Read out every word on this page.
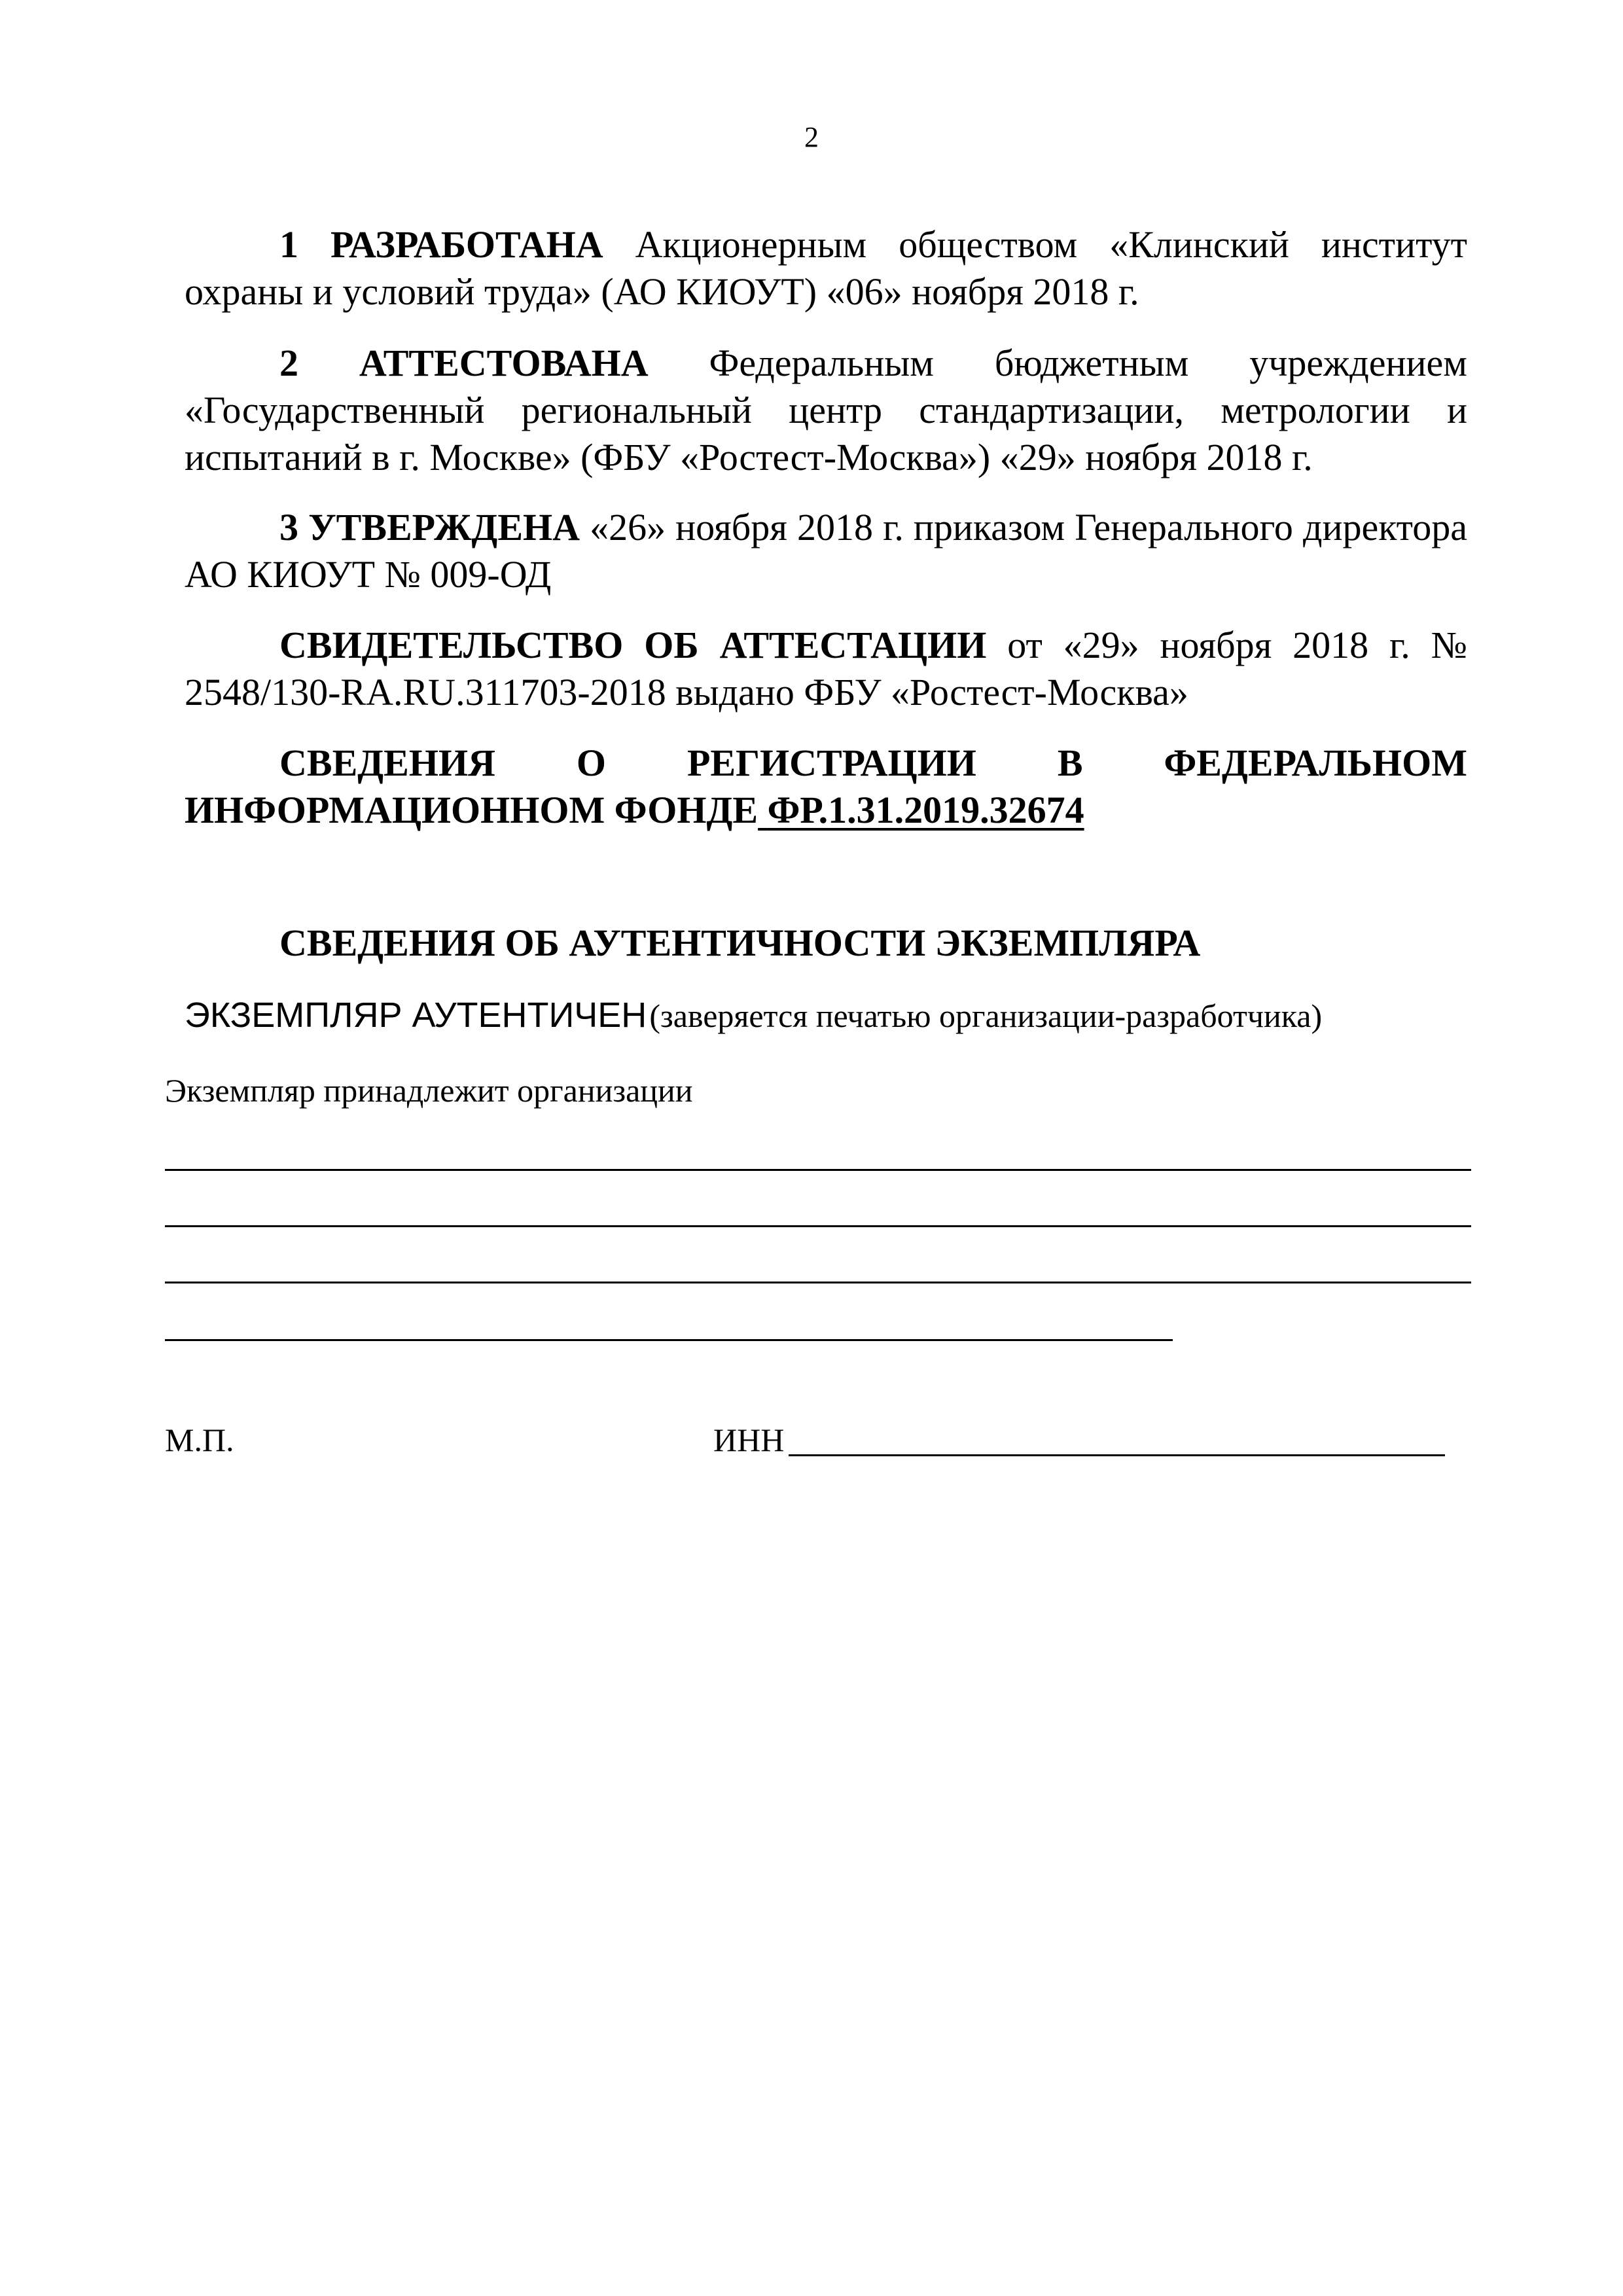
2

1 РАЗРАБОТАНА Акционерным обществом «Клинский институт охраны и условий труда» (АО КИОУТ) «06» ноября 2018 г.

2 АТТЕСТОВАНА Федеральным бюджетным учреждением «Государственный региональный центр стандартизации, метрологии и испытаний в г. Москве» (ФБУ «Ростест-Москва») «29» ноября 2018 г.

3 УТВЕРЖДЕНА «26» ноября 2018 г. приказом Генерального директора АО КИОУТ № 009-ОД

СВИДЕТЕЛЬСТВО ОБ АТТЕСТАЦИИ от «29» ноября 2018 г. № 2548/130-RA.RU.311703-2018 выдано ФБУ «Ростест-Москва»

СВЕДЕНИЯ О РЕГИСТРАЦИИ В ФЕДЕРАЛЬНОМ ИНФОРМАЦИОННОМ ФОНДЕ ФР.1.31.2019.32674

СВЕДЕНИЯ ОБ АУТЕНТИЧНОСТИ ЭКЗЕМПЛЯРА
ЭКЗЕМПЛЯР АУТЕНТИЧЕН (заверяется печатью организации-разработчика)
Экземпляр принадлежит организации
М.П.	ИНН
